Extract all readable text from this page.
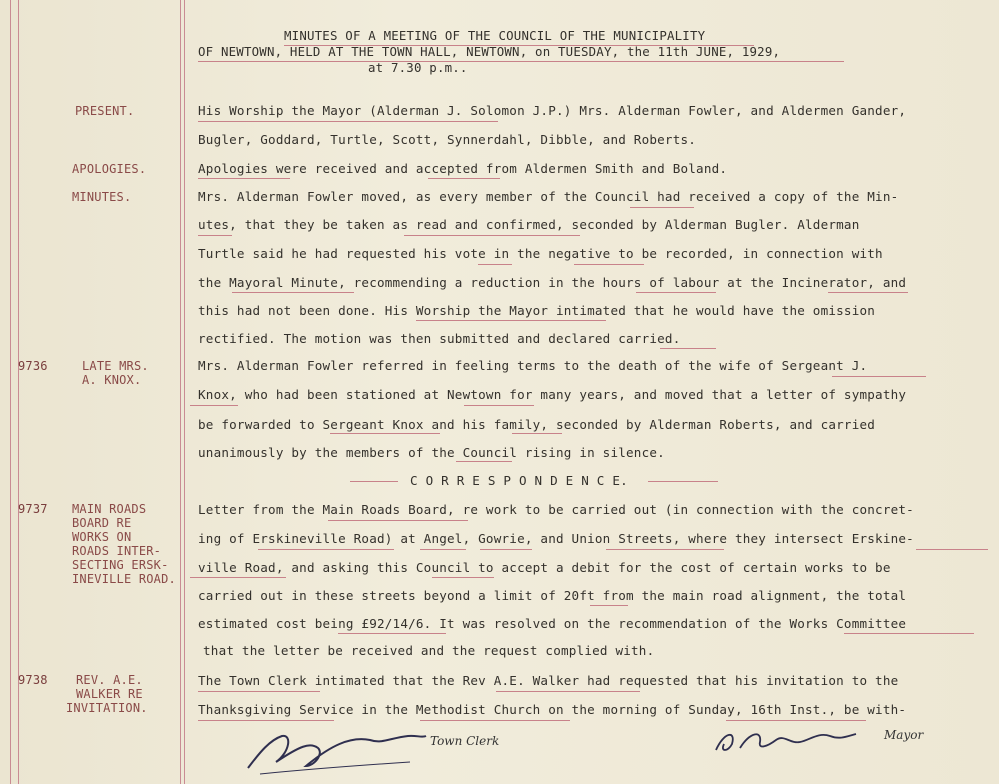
MINUTES OF A MEETING OF THE COUNCIL OF THE MUNICIPALITY
OF NEWTOWN, HELD AT THE TOWN HALL, NEWTOWN, on TUESDAY, the 11th JUNE, 1929,
at 7.30 p.m..
PRESENT.
APOLOGIES.
MINUTES.
9736	LATE MRS.
A. KNOX.
9737 MAIN ROADS
BOARD RE
WORKS ON
ROADS INTER-
SECTING ERSK-
INEVILLE ROAD.
9738 REV. A.E.
WALKER RE
INVITATION.
His Worship the Mayor (Alderman J. Solomon J.P.) Mrs. Alderman Fowler, and Aldermen Gander,
Bugler, Goddard, Turtle, Scott, Synnerdahl, Dibble, and Roberts.
Apologies were received and accepted from Aldermen Smith and Boland.
Mrs. Alderman Fowler moved, as every member of the Council had received a copy of the Min-
utes, that they be taken as read and confirmed, seconded by Alderman Bugler. Alderman
Turtle said he had requested his vote in the negative to be recorded, in connection with
the Mayoral Minute, recommending a reduction in the hours of labour at the Incinerator, and
this had not been done. His Worship the Mayor intimated that he would have the omission
rectified. The motion was then submitted and declared carried.
Mrs. Alderman Fowler referred in feeling terms to the death of the wife of Sergeant J.
Knox, who had been stationed at Newtown for many years, and moved that a letter of sympathy
be forwarded to Sergeant Knox and his family, seconded by Alderman Roberts, and carried
unanimously by the members of the Council rising in silence.
C O R R E S P O N D E N C E.
Letter from the Main Roads Board, re work to be carried out (in connection with the concret-
ing of Erskineville Road) at Angel, Gowrie, and Union Streets, where they intersect Erskine-
ville Road, and asking this Council to accept a debit for the cost of certain works to be
carried out in these streets beyond a limit of 20ft from the main road alignment, the total
estimated cost being £92/14/6. It was resolved on the recommendation of the Works Committee
that the letter be received and the request complied with.
The Town Clerk intimated that the Rev A.E. Walker had requested that his invitation to the
Thanksgiving Service in the Methodist Church on the morning of Sunday, 16th Inst., be with-
Town Clerk	Mayor
